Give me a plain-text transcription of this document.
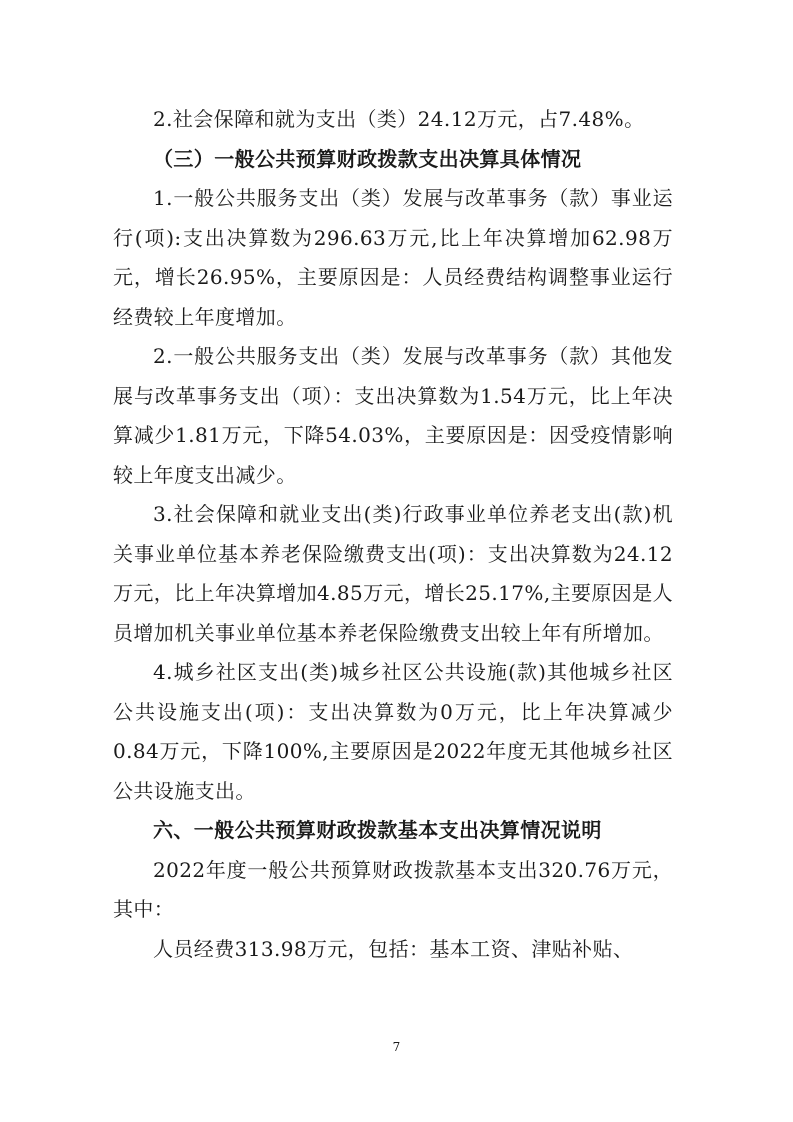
2.社会保障和就为支出（类）24.12万元，占7.48%。

（三）一般公共预算财政拨款支出决算具体情况

1.一般公共服务支出（类）发展与改革事务（款）事业运行(项):支出决算数为296.63万元,比上年决算增加62.98万元，增长26.95%，主要原因是：人员经费结构调整事业运行经费较上年度增加。

2.一般公共服务支出（类）发展与改革事务（款）其他发展与改革事务支出（项）：支出决算数为1.54万元，比上年决算减少1.81万元，下降54.03%，主要原因是：因受疫情影响较上年度支出减少。

3.社会保障和就业支出(类)行政事业单位养老支出(款)机关事业单位基本养老保险缴费支出(项)：支出决算数为24.12万元，比上年决算增加4.85万元，增长25.17%,主要原因是人员增加机关事业单位基本养老保险缴费支出较上年有所增加。

4.城乡社区支出(类)城乡社区公共设施(款)其他城乡社区公共设施支出(项)：支出决算数为0万元，比上年决算减少0.84万元，下降100%,主要原因是2022年度无其他城乡社区公共设施支出。

六、一般公共预算财政拨款基本支出决算情况说明

2022年度一般公共预算财政拨款基本支出320.76万元，其中：

人员经费313.98万元，包括：基本工资、津贴补贴、

7
